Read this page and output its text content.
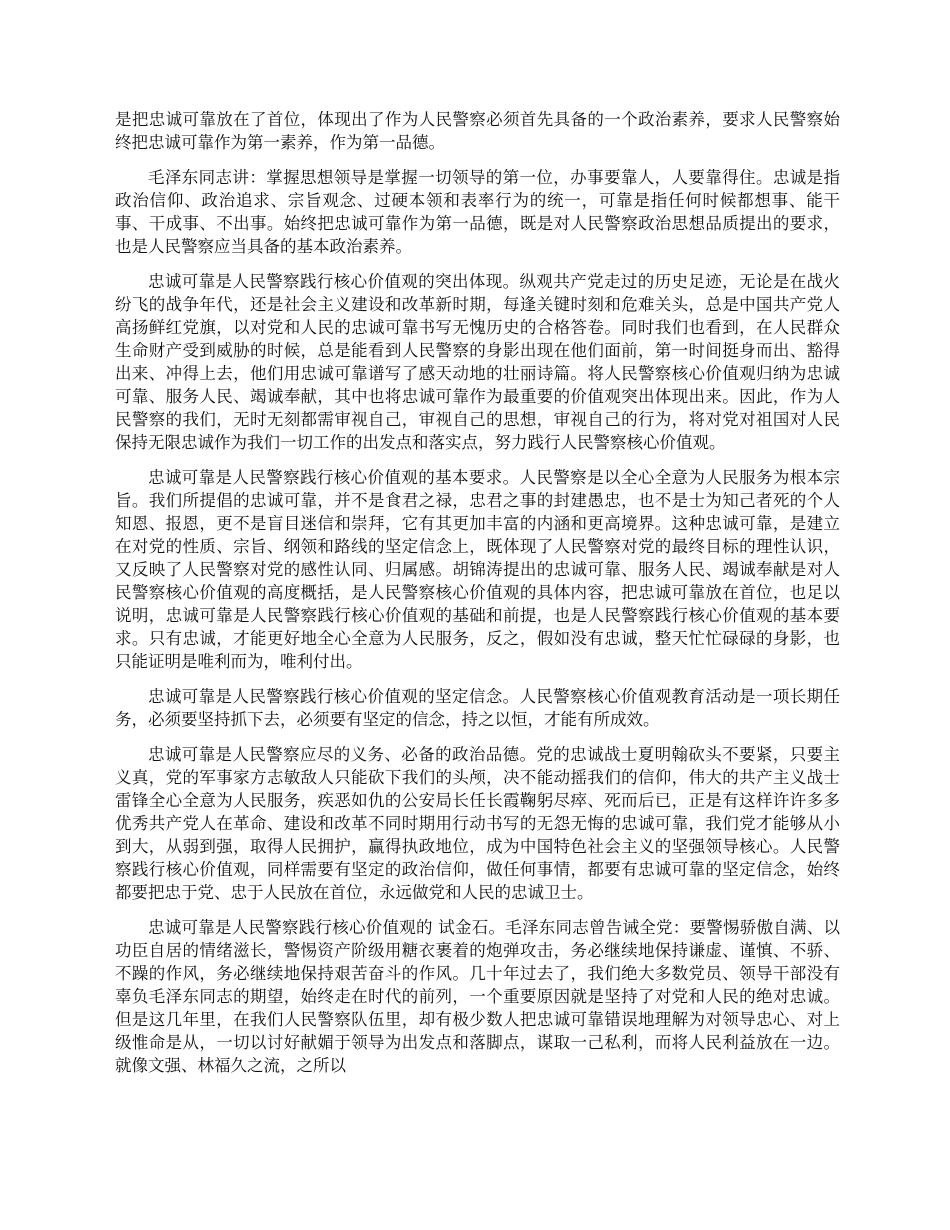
是把忠诚可靠放在了首位，体现出了作为人民警察必须首先具备的一个政治素养，要求人民警察始终把忠诚可靠作为第一素养，作为第一品德。

毛泽东同志讲：掌握思想领导是掌握一切领导的第一位，办事要靠人，人要靠得住。忠诚是指政治信仰、政治追求、宗旨观念、过硬本领和表率行为的统一，可靠是指任何时候都想事、能干事、干成事、不出事。始终把忠诚可靠作为第一品德，既是对人民警察政治思想品质提出的要求，也是人民警察应当具备的基本政治素养。

忠诚可靠是人民警察践行核心价值观的突出体现。纵观共产党走过的历史足迹，无论是在战火纷飞的战争年代，还是社会主义建设和改革新时期，每逢关键时刻和危难关头，总是中国共产党人高扬鲜红党旗，以对党和人民的忠诚可靠书写无愧历史的合格答卷。同时我们也看到，在人民群众生命财产受到威胁的时候，总是能看到人民警察的身影出现在他们面前，第一时间挺身而出、豁得出来、冲得上去，他们用忠诚可靠谱写了感天动地的壮丽诗篇。将人民警察核心价值观归纳为忠诚可靠、服务人民、竭诚奉献，其中也将忠诚可靠作为最重要的价值观突出体现出来。因此，作为人民警察的我们，无时无刻都需审视自己，审视自己的思想，审视自己的行为，将对党对祖国对人民保持无限忠诚作为我们一切工作的出发点和落实点，努力践行人民警察核心价值观。

忠诚可靠是人民警察践行核心价值观的基本要求。人民警察是以全心全意为人民服务为根本宗旨。我们所提倡的忠诚可靠，并不是食君之禄，忠君之事的封建愚忠，也不是士为知己者死的个人知恩、报恩，更不是盲目迷信和崇拜，它有其更加丰富的内涵和更高境界。这种忠诚可靠，是建立在对党的性质、宗旨、纲领和路线的坚定信念上，既体现了人民警察对党的最终目标的理性认识，又反映了人民警察对党的感性认同、归属感。胡锦涛提出的忠诚可靠、服务人民、竭诚奉献是对人民警察核心价值观的高度概括，是人民警察核心价值观的具体内容，把忠诚可靠放在首位，也足以说明，忠诚可靠是人民警察践行核心价值观的基础和前提，也是人民警察践行核心价值观的基本要求。只有忠诚，才能更好地全心全意为人民服务，反之，假如没有忠诚，整天忙忙碌碌的身影，也只能证明是唯利而为，唯利付出。

忠诚可靠是人民警察践行核心价值观的坚定信念。人民警察核心价值观教育活动是一项长期任务，必须要坚持抓下去，必须要有坚定的信念，持之以恒，才能有所成效。

忠诚可靠是人民警察应尽的义务、必备的政治品德。党的忠诚战士夏明翰砍头不要紧，只要主义真，党的军事家方志敏敌人只能砍下我们的头颅，决不能动摇我们的信仰，伟大的共产主义战士雷锋全心全意为人民服务，疾恶如仇的公安局长任长霞鞠躬尽瘁、死而后已，正是有这样许许多多优秀共产党人在革命、建设和改革不同时期用行动书写的无怨无悔的忠诚可靠，我们党才能够从小到大，从弱到强，取得人民拥护，赢得执政地位，成为中国特色社会主义的坚强领导核心。人民警察践行核心价值观，同样需要有坚定的政治信仰，做任何事情，都要有忠诚可靠的坚定信念，始终都要把忠于党、忠于人民放在首位，永远做党和人民的忠诚卫士。

忠诚可靠是人民警察践行核心价值观的 试金石。毛泽东同志曾告诫全党：要警惕骄傲自满、以功臣自居的情绪滋长，警惕资产阶级用糖衣裹着的炮弹攻击，务必继续地保持谦虚、谨慎、不骄、不躁的作风，务必继续地保持艰苦奋斗的作风。几十年过去了，我们绝大多数党员、领导干部没有辜负毛泽东同志的期望，始终走在时代的前列，一个重要原因就是坚持了对党和人民的绝对忠诚。但是这几年里，在我们人民警察队伍里，却有极少数人把忠诚可靠错误地理解为对领导忠心、对上级惟命是从，一切以讨好献媚于领导为出发点和落脚点，谋取一己私利，而将人民利益放在一边。就像文强、林福久之流，之所以
